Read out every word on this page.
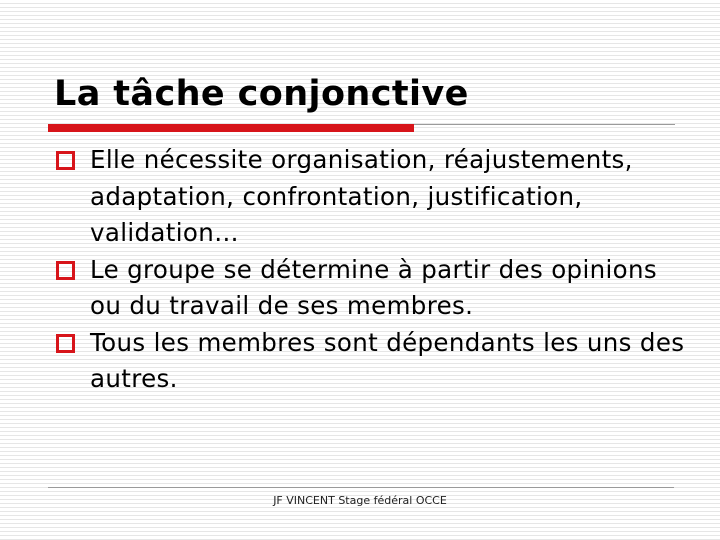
La tâche conjonctive
Elle nécessite organisation, réajustements, adaptation, confrontation, justification, validation…
Le groupe se détermine à partir des opinions ou du travail de ses membres.
Tous les membres sont dépendants les uns des autres.
JF VINCENT Stage fédéral OCCE
